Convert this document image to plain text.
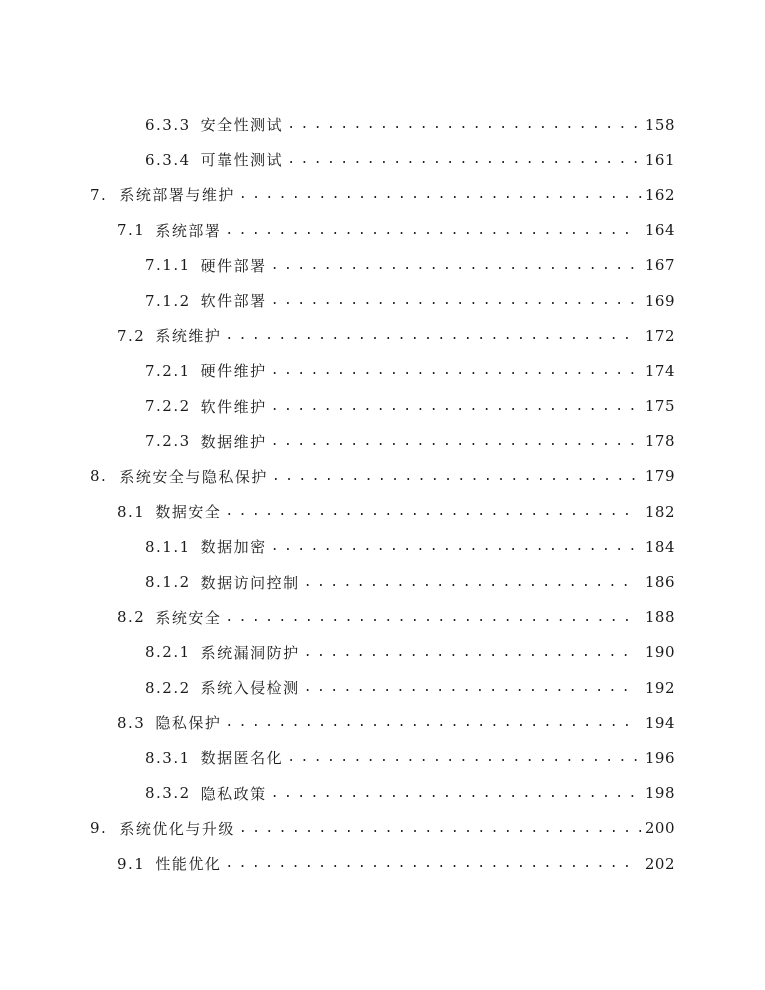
6.3.3 安全性测试 . . .	158
6.3.4 可靠性测试 . . .	161
7. 系统部署与维护 . . .	162
7.1 系统部署 . . .	164
7.1.1 硬件部署 . . .	167
7.1.2 软件部署 . . .	169
7.2 系统维护 . . .	172
7.2.1 硬件维护 . . .	174
7.2.2 软件维护 . . .	175
7.2.3 数据维护 . . .	178
8. 系统安全与隐私保护 . . .	179
8.1 数据安全 . . .	182
8.1.1 数据加密 . . .	184
8.1.2 数据访问控制 . . .	186
8.2 系统安全 . . .	188
8.2.1 系统漏洞防护 . . .	190
8.2.2 系统入侵检测 . . .	192
8.3 隐私保护 . . .	194
8.3.1 数据匿名化 . . .	196
8.3.2 隐私政策 . . .	198
9. 系统优化与升级 . . .	200
9.1 性能优化 . . .	202
